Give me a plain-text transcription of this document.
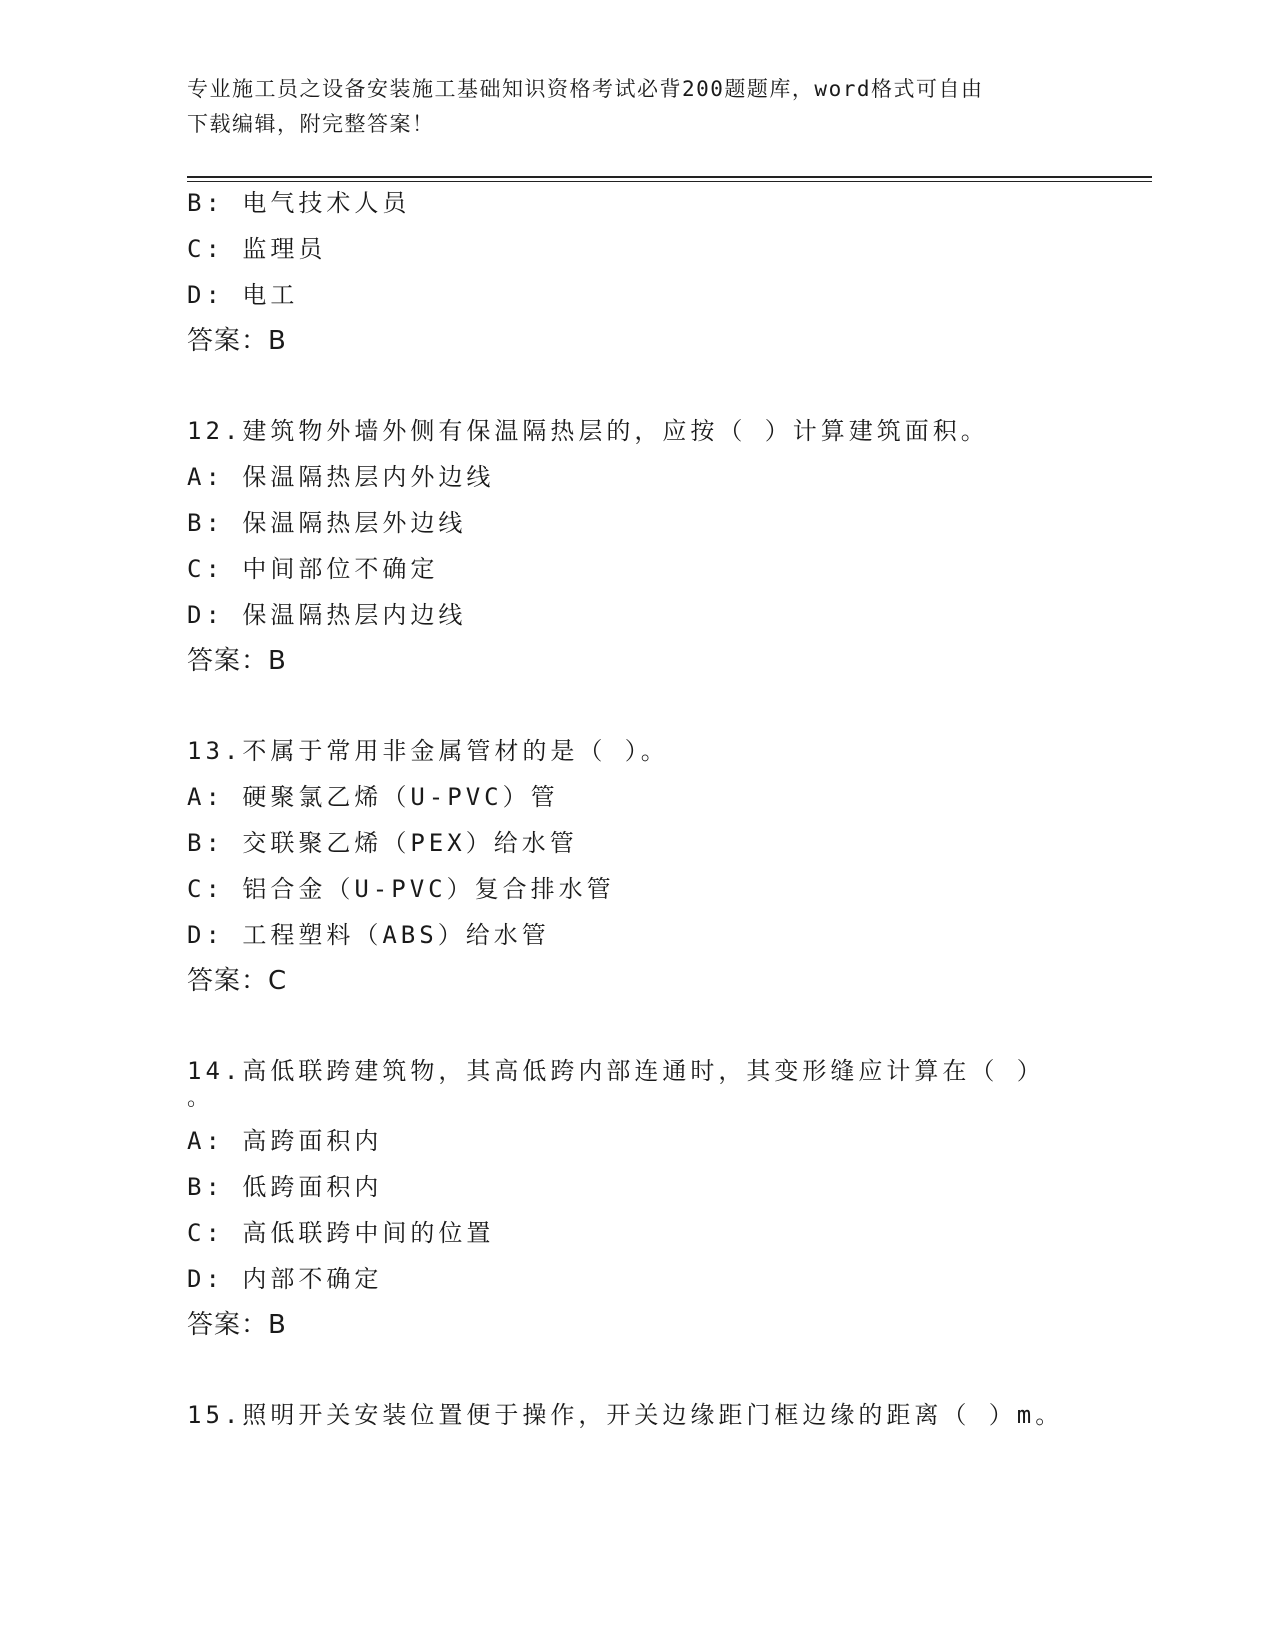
专业施工员之设备安装施工基础知识资格考试必背200题题库，word格式可自由
下载编辑，附完整答案！
B: 电气技术人员
C: 监理员
D: 电工
答案：B
12.建筑物外墙外侧有保温隔热层的，应按（ ）计算建筑面积。
A: 保温隔热层内外边线
B: 保温隔热层外边线
C: 中间部位不确定
D: 保温隔热层内边线
答案：B
13.不属于常用非金属管材的是（ ）。
A: 硬聚氯乙烯（U-PVC）管
B: 交联聚乙烯（PEX）给水管
C: 铝合金（U-PVC）复合排水管
D: 工程塑料（ABS）给水管
答案：C
14.高低联跨建筑物，其高低跨内部连通时，其变形缝应计算在（ ）
。
A: 高跨面积内
B: 低跨面积内
C: 高低联跨中间的位置
D: 内部不确定
答案：B
15.照明开关安装位置便于操作，开关边缘距门框边缘的距离（ ）m。
